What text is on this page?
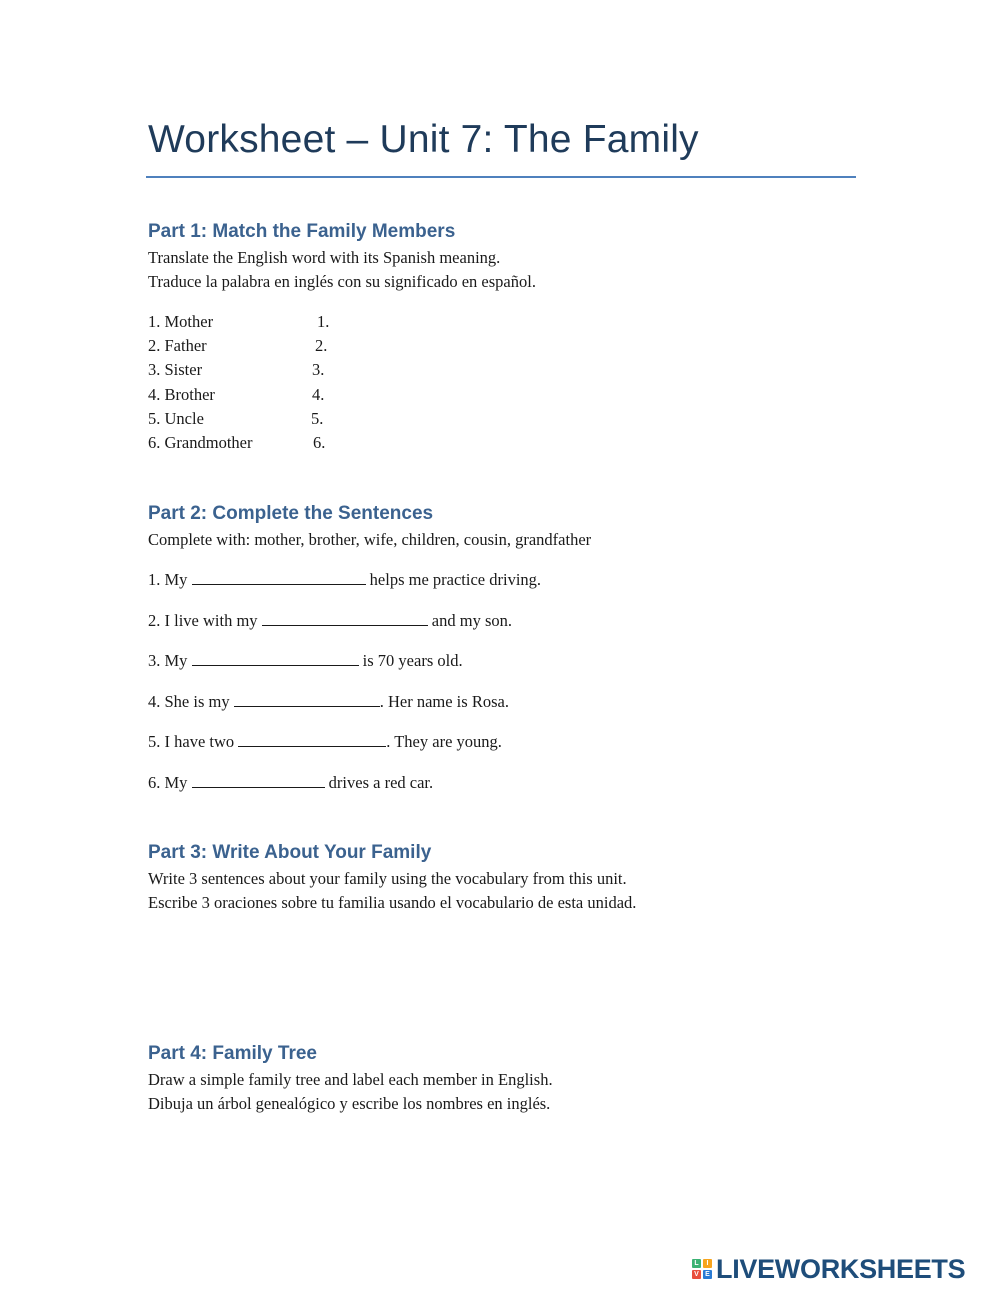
Worksheet – Unit 7: The Family
Part 1: Match the Family Members
Translate the English word with its Spanish meaning.
Traduce la palabra en inglés con su significado en español.
1. Mother	1.
2. Father	2.
3. Sister	3.
4. Brother	4.
5. Uncle	5.
6. Grandmother	6.
Part 2: Complete the Sentences
Complete with: mother, brother, wife, children, cousin, grandfather
1. My	helps me practice driving.
2. I live with my	and my son.
3. My	is 70 years old.
4. She is my	. Her name is Rosa.
5. I have two	. They are young.
6. My	drives a red car.
Part 3: Write About Your Family
Write 3 sentences about your family using the vocabulary from this unit.
Escribe 3 oraciones sobre tu familia usando el vocabulario de esta unidad.
Part 4: Family Tree
Draw a simple family tree and label each member in English.
Dibuja un árbol genealógico y escribe los nombres en inglés.
L	I
V E LIVEWORKSHEETS
